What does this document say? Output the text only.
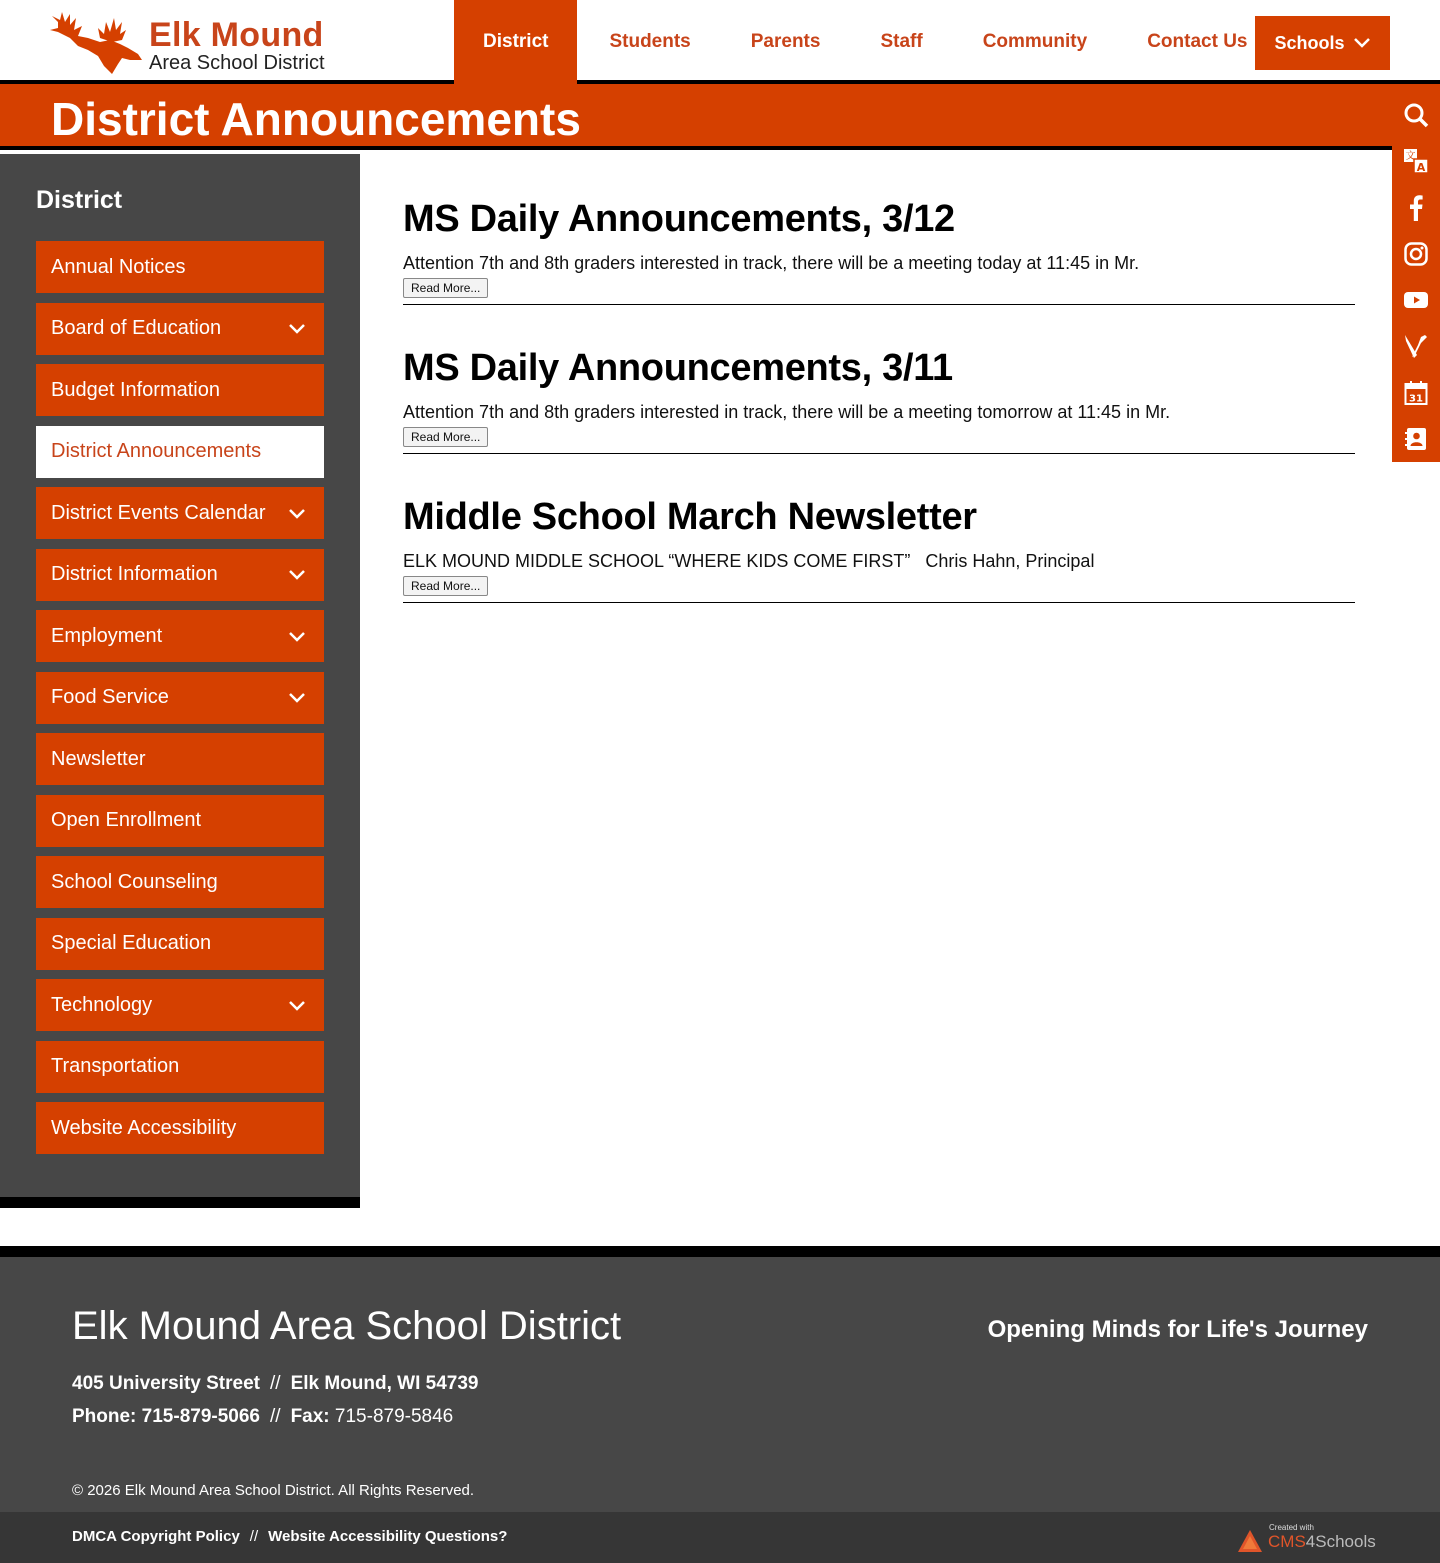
Elk Mound
Area School District
District	Students	Parents	Staff	Community	Contact Us	Schools
District Announcements
文
A
31
District
Annual Notices
Board of Education
Budget Information
District Announcements
District Events Calendar
District Information
Employment
Food Service
Newsletter
Open Enrollment
School Counseling
Special Education
Technology
Transportation
Website Accessibility
MS Daily Announcements, 3/12

Attention 7th and 8th graders interested in track, there will be a meeting today at 11:45 in Mr.

Read More...
MS Daily Announcements, 3/11

Attention 7th and 8th graders interested in track, there will be a meeting tomorrow at 11:45 in Mr.

Read More...
Middle School March Newsletter

ELK MOUND MIDDLE SCHOOL “WHERE KIDS COME FIRST”   Chris Hahn, Principal

Read More...
Elk Mound Area School District
405 University Street // Elk Mound, WI 54739
Phone: 715-879-5066 // Fax: 715-879-5846
Opening Minds for Life's Journey
© 2026 Elk Mound Area School District. All Rights Reserved.
DMCA Copyright Policy // Website Accessibility Questions?
Created with
CMS4Schools
